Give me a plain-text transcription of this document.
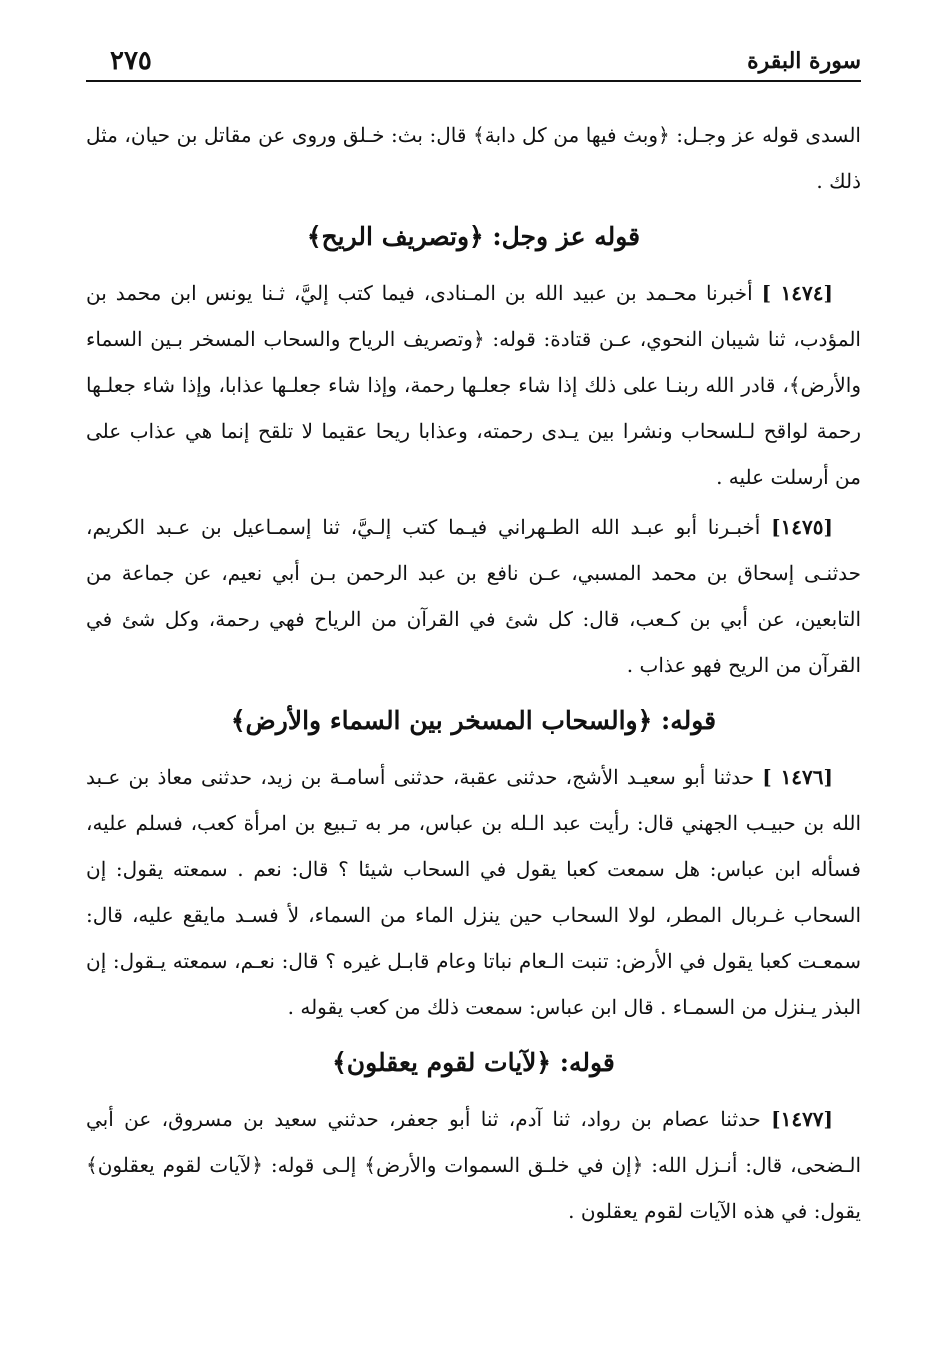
سورة البقرة
٢٧٥

السدى قوله عز وجـل: ﴿وبث فيها من كل دابة﴾ قال: بث: خـلق وروى عن مقاتل بن حيان، مثل ذلك .

قوله عز وجل: ﴿وتصريف الريح﴾

[١٤٧٤ ] أخبرنا محـمد بن عبيد الله بن المـنادى، فيما كتب إليَّ، ثـنا يونس ابن محمد بن المؤدب، ثنا شيبان النحوي، عـن قتادة: قوله: ﴿وتصريف الرياح والسحاب المسخر بـين السماء والأرض﴾، قادر الله ربنـا على ذلك إذا شاء جعلـها رحمة، وإذا شاء جعلـها عذابا، وإذا شاء جعلـها رحمة لواقح لـلسحاب ونشرا بين يـدى رحمته، وعذابا ريحا عقيما لا تلقح إنما هي عذاب على من أرسلت عليه .

[١٤٧٥] أخبـرنا أبو عبـد الله الطـهراني فيـما كتب إلـيَّ، ثنا إسمـاعيل بن عـبد الكريم، حدثنـى إسحاق بن محمد المسبي، عـن نافع بن عبد الرحمن بـن أبي نعيم، عن جماعة من التابعين، عن أبي بن كـعب، قال: كل شئ في القرآن من الرياح فهي رحمة، وكل شئ في القرآن من الريح فهو عذاب .

قوله: ﴿والسحاب المسخر بين السماء والأرض﴾

[١٤٧٦ ] حدثنا أبو سعيـد الأشج، حدثنى عقبة، حدثنى أسامـة بن زيد، حدثنى معاذ بن عـبد الله بن حبيـب الجهني قال: رأيت عبد الـله بن عباس، مر به تـبيع بن امرأة كعب، فسلم عليه، فسأله ابن عباس: هل سمعت كعبا يقول في السحاب شيئا ؟ قال: نعم . سمعته يقول: إن السحاب غـربال المطر، لولا السحاب حين ينزل الماء من السماء، لأ فسـد مايقع عليه، قال: سمعـت كعبا يقول في الأرض: تنبت الـعام نباتا وعام قابـل غيره ؟ قال: نعـم، سمعته يـقول: إن البذر يـنزل من السمـاء . قال ابن عباس: سمعت ذلك من كعب يقوله .

قوله: ﴿لآيات لقوم يعقلون﴾

[١٤٧٧] حدثنا عصام بن رواد، ثنا آدم، ثنا أبو جعفر، حدثني سعيد بن مسروق، عن أبي الـضحى، قال: أنـزل الله: ﴿إن في خلـق السموات والأرض﴾ إلـى قوله: ﴿لآيات لقوم يعقلون﴾ يقول: في هذه الآيات لقوم يعقلون .
